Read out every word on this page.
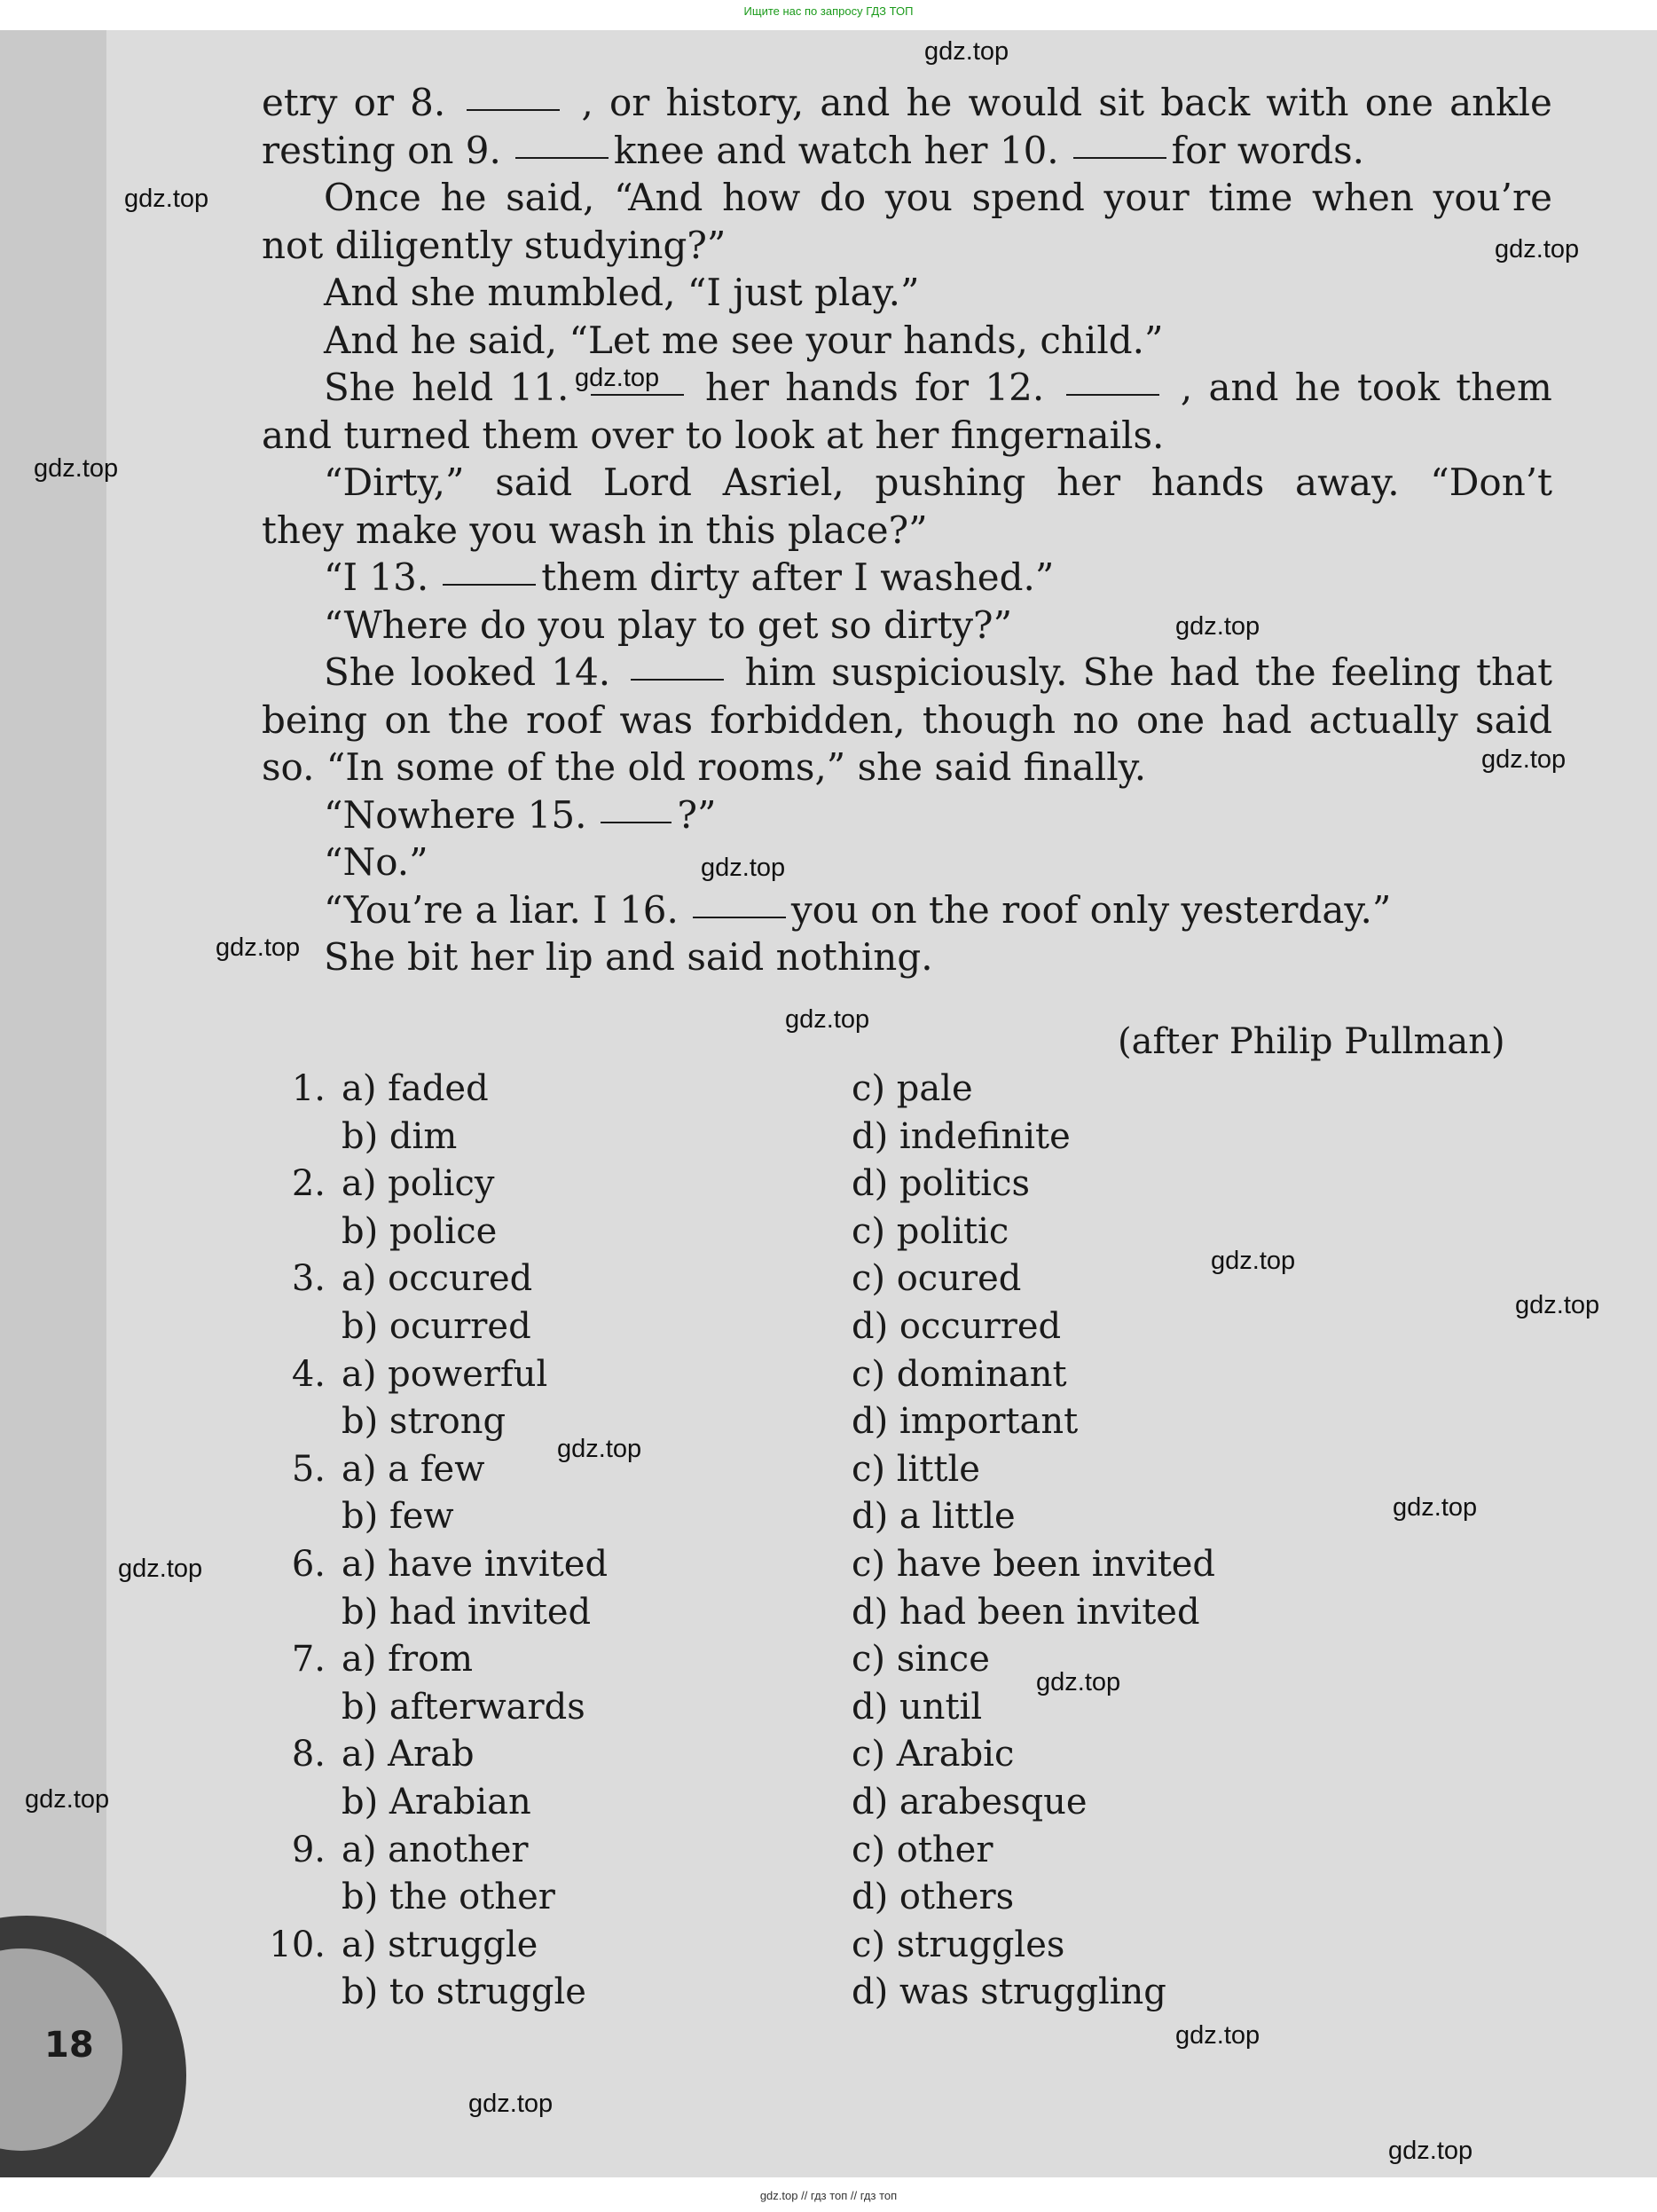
Ищите нас по запросу ГДЗ ТОП
etry or 8.	, or history, and he would sit back with one ankle
resting on 9.	knee and watch her 10.	for words.
Once he said, “And how do you spend your time when you’re
not diligently studying?”
And she mumbled, “I just play.”
And he said, “Let me see your hands, child.”
She held 11.	her hands for 12.	, and he took them
and turned them over to look at her fingernails.
“Dirty,” said Lord Asriel, pushing her hands away. “Don’t
they make you wash in this place?”
“I 13.	them dirty after I washed.”
“Where do you play to get so dirty?”
She looked 14.	him suspiciously. She had the feeling that
being on the roof was forbidden, though no one had actually said
so. “In some of the old rooms,” she said finally.
“Nowhere 15. ?”
“No.”
“You’re a liar. I 16.	you on the roof only yesterday.”
She bit her lip and said nothing.
(after Philip Pullman)
1. a) faded	c) pale
b) dim	d) indefinite
2. a) policy	d) politics
b) police	c) politic
3. a) occured	c) ocured
b) ocurred	d) occurred
4. a) powerful	c) dominant
b) strong	d) important
5. a) a few	c) little
b) few	d) a little
6. a) have invited	c) have been invited
b) had invited	d) had been invited
7. a) from	c) since
b) afterwards	d) until
8. a) Arab	c) Arabic
b) Arabian	d) arabesque
9. a) another	c) other
b) the other	d) others
10. a) struggle	c) struggles
b) to struggle	d) was struggling
18
gdz.top
gdz.top
gdz.top
gdz.top
gdz.top
gdz.top
gdz.top
gdz.top
gdz.top
gdz.top
gdz.top
gdz.top
gdz.top
gdz.top
gdz.top
gdz.top
gdz.top
gdz.top
gdz.top
gdz.top
gdz.top // гдз топ // гдз топ
